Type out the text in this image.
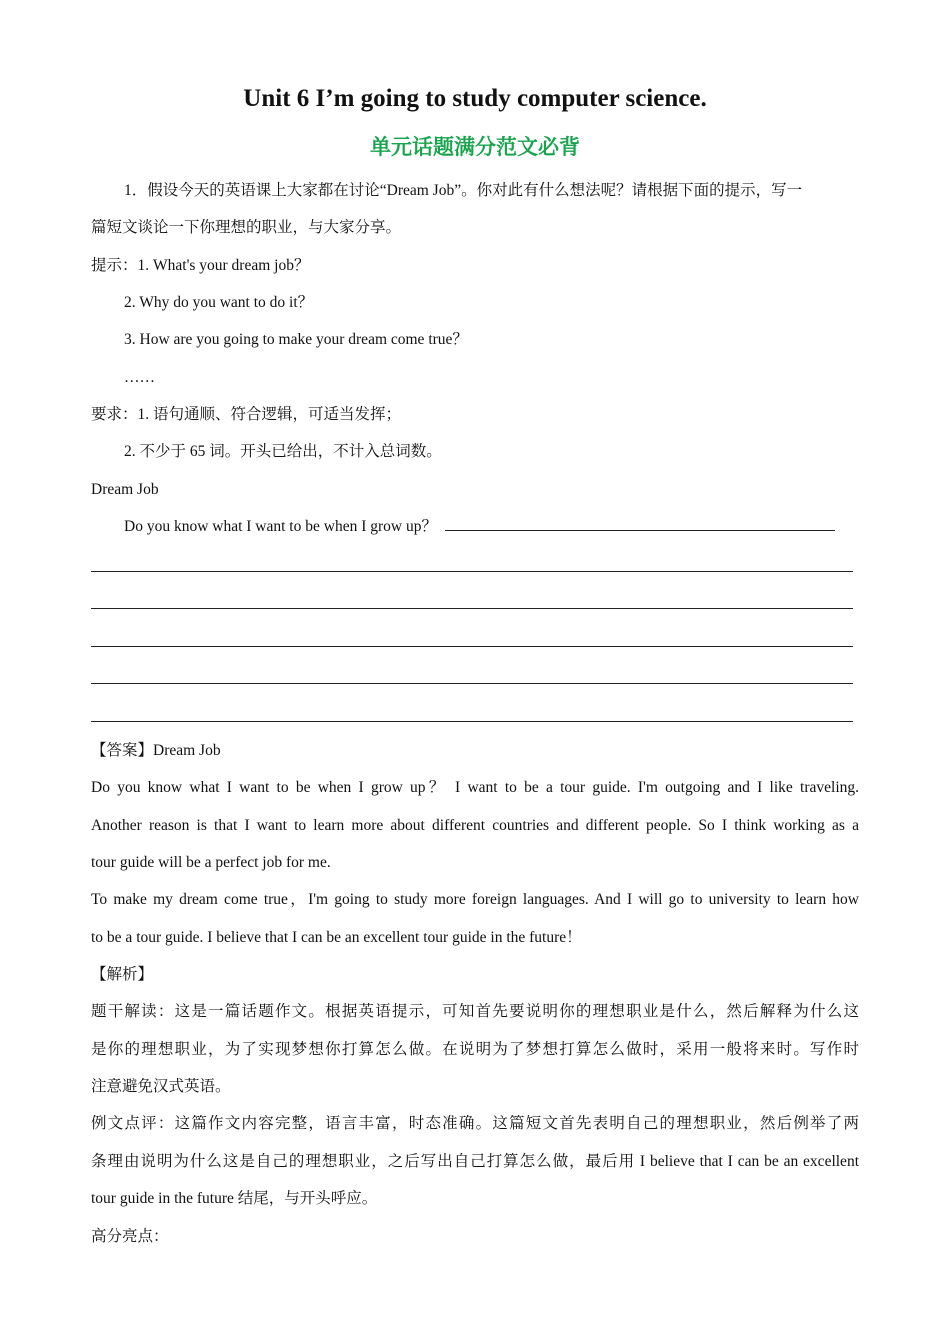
Unit 6 I’m going to study computer science.
单元话题满分范文必背
1．假设今天的英语课上大家都在讨论“Dream Job”。你对此有什么想法呢？请根据下面的提示，写一
篇短文谈论一下你理想的职业，与大家分享。
提示：1. What's your dream job？
2. Why do you want to do it？
3. How are you going to make your dream come true？
……
要求：1. 语句通顺、符合逻辑，可适当发挥；
2. 不少于 65 词。开头已给出，不计入总词数。
Dream Job
Do you know what I want to be when I grow up？
【答案】Dream Job
Do you know what I want to be when I grow up？ I want to be a tour guide. I'm outgoing and I like traveling.
Another reason is that I want to learn more about different countries and different people. So I think working as a
tour guide will be a perfect job for me.
To make my dream come true，I'm going to study more foreign languages. And I will go to university to learn how
to be a tour guide. I believe that I can be an excellent tour guide in the future！
【解析】
题干解读：这是一篇话题作文。根据英语提示，可知首先要说明你的理想职业是什么，然后解释为什么这
是你的理想职业，为了实现梦想你打算怎么做。在说明为了梦想打算怎么做时，采用一般将来时。写作时
注意避免汉式英语。
例文点评：这篇作文内容完整，语言丰富，时态准确。这篇短文首先表明自己的理想职业，然后例举了两
条理由说明为什么这是自己的理想职业，之后写出自己打算怎么做，最后用 I believe that I can be an excellent
tour guide in the future 结尾，与开头呼应。
高分亮点：
